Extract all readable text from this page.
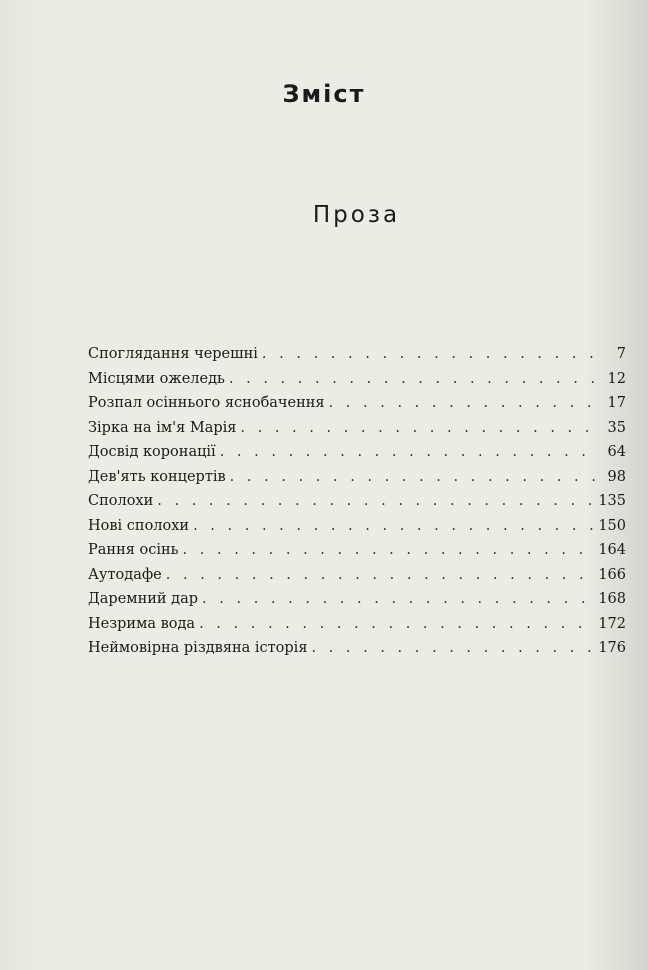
Зміст
Проза
Споглядання черешні . . .	7
Місцями ожеледь . . .	12
Розпал осіннього яснобачення . . .	17
Зірка на ім'я Марія . . .	35
Досвід коронації . . .	64
Дев'ять концертів . . .	98
Сполохи . . .	135
Нові сполохи . . .	150
Рання осінь . . .	164
Аутодафе . . .	166
Даремний дар . . .	168
Незрима вода . . .	172
Неймовірна різдвяна історія . . .	176
